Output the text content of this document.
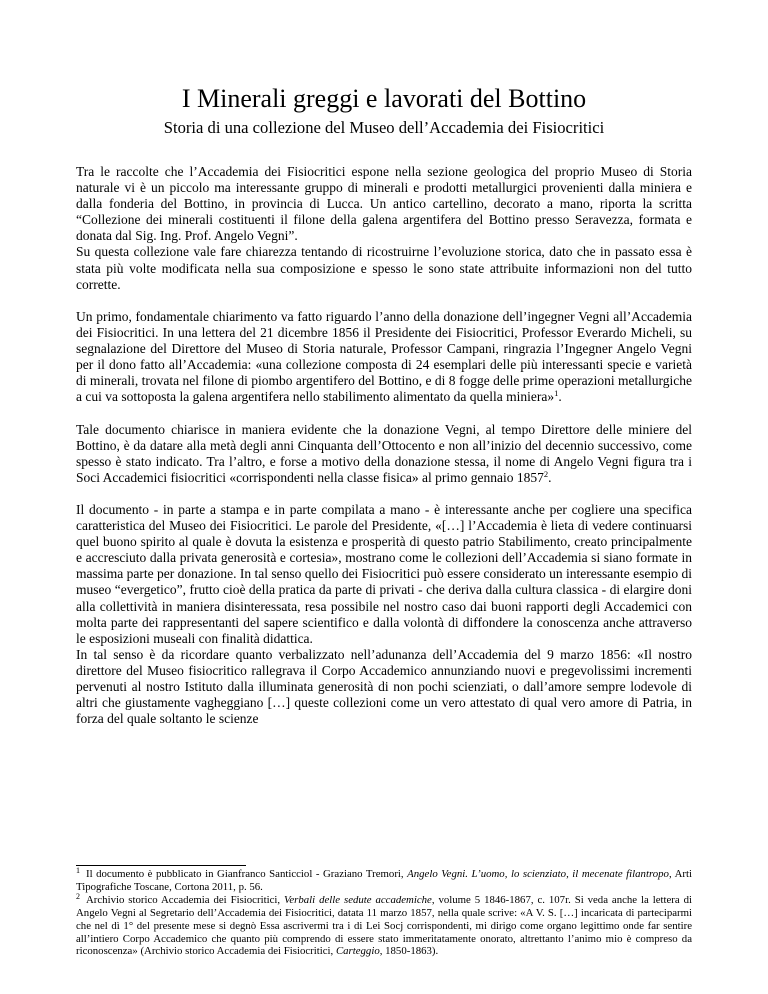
I Minerali greggi e lavorati del Bottino
Storia di una collezione del Museo dell’Accademia dei Fisiocritici

Tra le raccolte che l’Accademia dei Fisiocritici espone nella sezione geologica del proprio Museo di Storia naturale vi è un piccolo ma interessante gruppo di minerali e prodotti metallurgici provenienti dalla miniera e dalla fonderia del Bottino, in provincia di Lucca. Un antico cartellino, decorato a mano, riporta la scritta “Collezione dei minerali costituenti il filone della galena argentifera del Bottino presso Seravezza, formata e donata dal Sig. Ing. Prof. Angelo Vegni”.

Su questa collezione vale fare chiarezza tentando di ricostruirne l’evoluzione storica, dato che in passato essa è stata più volte modificata nella sua composizione e spesso le sono state attribuite informazioni non del tutto corrette.

Un primo, fondamentale chiarimento va fatto riguardo l’anno della donazione dell’ingegner Vegni all’Accademia dei Fisiocritici. In una lettera del 21 dicembre 1856 il Presidente dei Fisiocritici, Professor Everardo Micheli, su segnalazione del Direttore del Museo di Storia naturale, Professor Campani, ringrazia l’Ingegner Angelo Vegni per il dono fatto all’Accademia: «una collezione composta di 24 esemplari delle più interessanti specie e varietà di minerali, trovata nel filone di piombo argentifero del Bottino, e di 8 fogge delle prime operazioni metallurgiche a cui va sottoposta la galena argentifera nello stabilimento alimentato da quella miniera»$^1$.

Tale documento chiarisce in maniera evidente che la donazione Vegni, al tempo Direttore delle miniere del Bottino, è da datare alla metà degli anni Cinquanta dell’Ottocento e non all’inizio del decennio successivo, come spesso è stato indicato. Tra l’altro, e forse a motivo della donazione stessa, il nome di Angelo Vegni figura tra i Soci Accademici fisiocritici «corrispondenti nella classe fisica» al primo gennaio 1857$^2$.

Il documento - in parte a stampa e in parte compilata a mano - è interessante anche per cogliere una specifica caratteristica del Museo dei Fisiocritici. Le parole del Presidente, «[…] l’Accademia è lieta di vedere continuarsi quel buono spirito al quale è dovuta la esistenza e prosperità di questo patrio Stabilimento, creato principalmente e accresciuto dalla privata generosità e cortesia», mostrano come le collezioni dell’Accademia si siano formate in massima parte per donazione. In tal senso quello dei Fisiocritici può essere considerato un interessante esempio di museo “evergetico”, frutto cioè della pratica da parte di privati - che deriva dalla cultura classica - di elargire doni alla collettività in maniera disinteressata, resa possibile nel nostro caso dai buoni rapporti degli Accademici con molta parte dei rappresentanti del sapere scientifico e dalla volontà di diffondere la conoscenza anche attraverso le esposizioni museali con finalità didattica.

In tal senso è da ricordare quanto verbalizzato nell’adunanza dell’Accademia del 9 marzo 1856: «Il nostro direttore del Museo fisiocritico rallegrava il Corpo Accademico annunziando nuovi e pregevolissimi incrementi pervenuti al nostro Istituto dalla illuminata generosità di non pochi scienziati, o dall’amore sempre lodevole di altri che giustamente vagheggiano […] queste collezioni come un vero attestato di qual vero amore di Patria, in forza del quale soltanto le scienze

$^1$ Il documento è pubblicato in Gianfranco Santicciol - Graziano Tremori, Angelo Vegni. L’uomo, lo scienziato, il mecenate filantropo, Arti Tipografiche Toscane, Cortona 2011, p. 56.

$^2$ Archivio storico Accademia dei Fisiocritici, Verbali delle sedute accademiche, volume 5 1846-1867, c. 107r. Si veda anche la lettera di Angelo Vegni al Segretario dell’Accademia dei Fisiocritici, datata 11 marzo 1857, nella quale scrive: «A V. S. […] incaricata di parteciparmi che nel dì 1° del presente mese si degnò Essa ascrivermi tra i di Lei Socj corrispondenti, mi dirigo come organo legittimo onde far sentire all’intiero Corpo Accademico che quanto più comprendo di essere stato immeritatamente onorato, altrettanto l’animo mio è compreso da riconoscenza» (Archivio storico Accademia dei Fisiocritici, Carteggio, 1850-1863).
